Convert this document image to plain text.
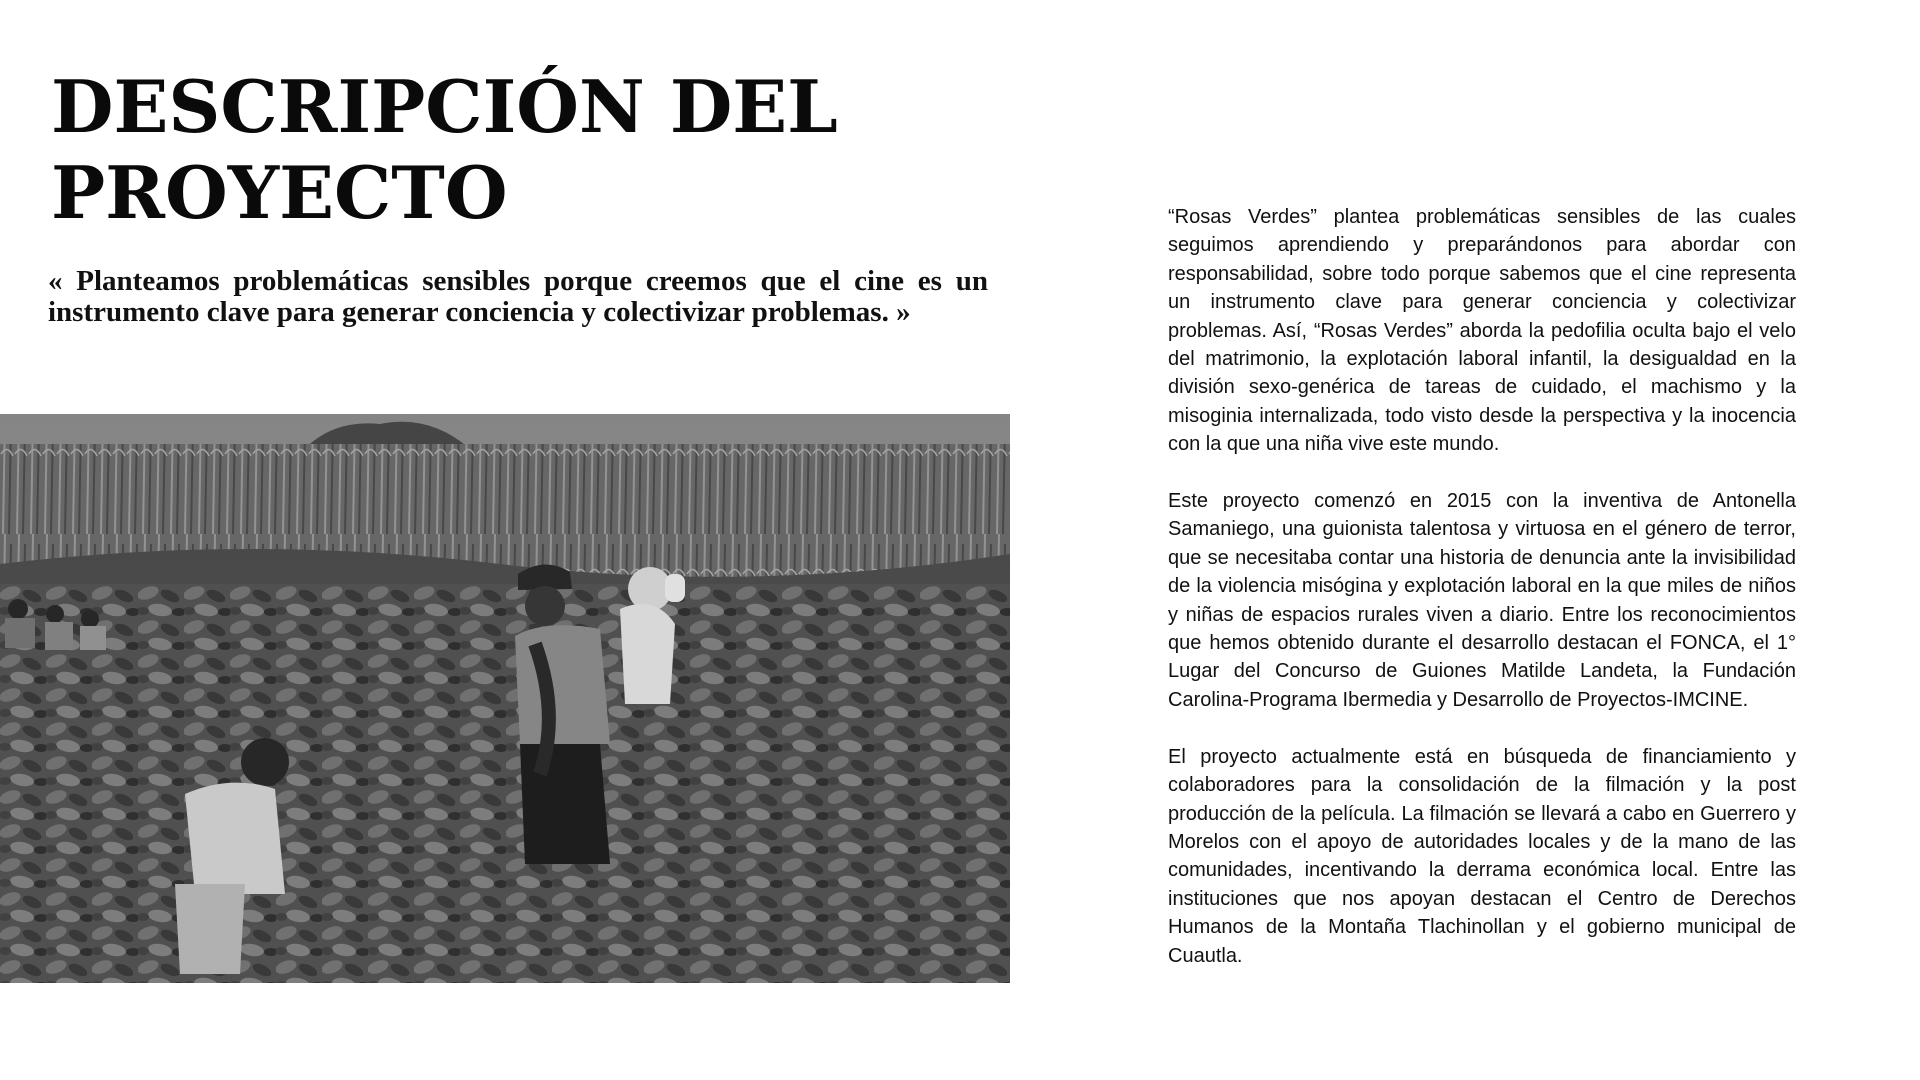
DESCRIPCIÓN DEL
PROYECTO

« Planteamos problemáticas sensibles porque creemos que el cine es un instrumento clave para generar conciencia y colectivizar problemas. »

“Rosas Verdes” plantea problemáticas sensibles de las cuales seguimos aprendiendo y preparándonos para abordar con responsabilidad, sobre todo porque sabemos que el cine representa un instrumento clave para generar conciencia y colectivizar problemas. Así, “Rosas Verdes” aborda la pedofilia oculta bajo el velo del matrimonio, la explotación laboral infantil, la desigualdad en la división sexo-genérica de tareas de cuidado, el machismo y la misoginia internalizada, todo visto desde la perspectiva y la inocencia con la que una niña vive este mundo.

Este proyecto comenzó en 2015 con la inventiva de Antonella Samaniego, una guionista talentosa y virtuosa en el género de terror, que se necesitaba contar una historia de denuncia ante la invisibilidad de la violencia misógina y explotación laboral en la que miles de niños y niñas de espacios rurales viven a diario. Entre los reconocimientos que hemos obtenido durante el desarrollo destacan el FONCA, el 1° Lugar del Concurso de Guiones Matilde Landeta, la Fundación Carolina-Programa Ibermedia y Desarrollo de Proyectos-IMCINE.

El proyecto actualmente está en búsqueda de financiamiento y colaboradores para la consolidación de la filmación y la post producción de la película. La filmación se llevará a cabo en Guerrero y Morelos con el apoyo de autoridades locales y de la mano de las comunidades, incentivando la derrama económica local. Entre las instituciones que nos apoyan destacan el Centro de Derechos Humanos de la Montaña Tlachinollan y el gobierno municipal de Cuautla.
